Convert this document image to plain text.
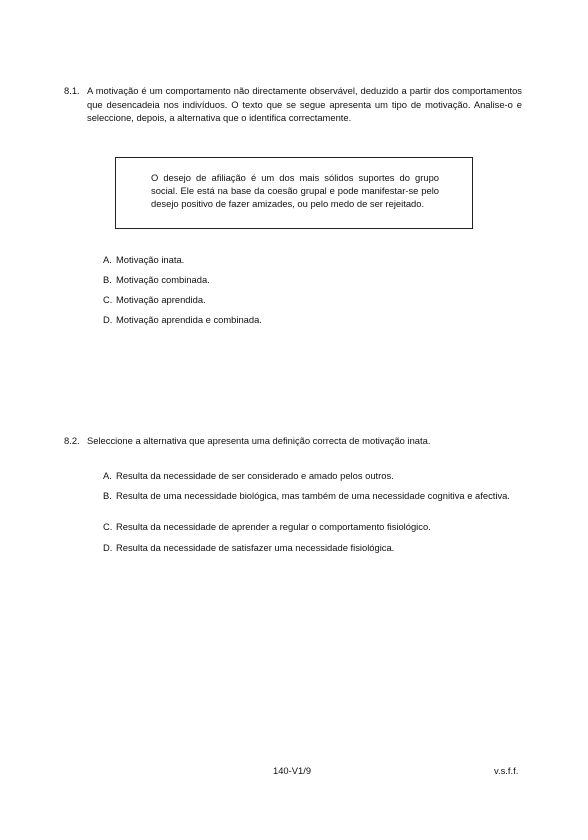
8.1. A motivação é um comportamento não directamente observável, deduzido a partir dos comportamentos que desencadeia nos indivíduos. O texto que se segue apresenta um tipo de motivação. Analise-o e seleccione, depois, a alternativa que o identifica correctamente.
O desejo de afiliação é um dos mais sólidos suportes do grupo social. Ele está na base da coesão grupal e pode manifestar-se pelo desejo positivo de fazer amizades, ou pelo medo de ser rejeitado.
A. Motivação inata.
B. Motivação combinada.
C. Motivação aprendida.
D. Motivação aprendida e combinada.
8.2. Seleccione a alternativa que apresenta uma definição correcta de motivação inata.
A. Resulta da necessidade de ser considerado e amado pelos outros.
B. Resulta de uma necessidade biológica, mas também de uma necessidade cognitiva e afectiva.
C. Resulta da necessidade de aprender a regular o comportamento fisiológico.
D. Resulta da necessidade de satisfazer uma necessidade fisiológica.
140-V1/9	v.s.f.f.
